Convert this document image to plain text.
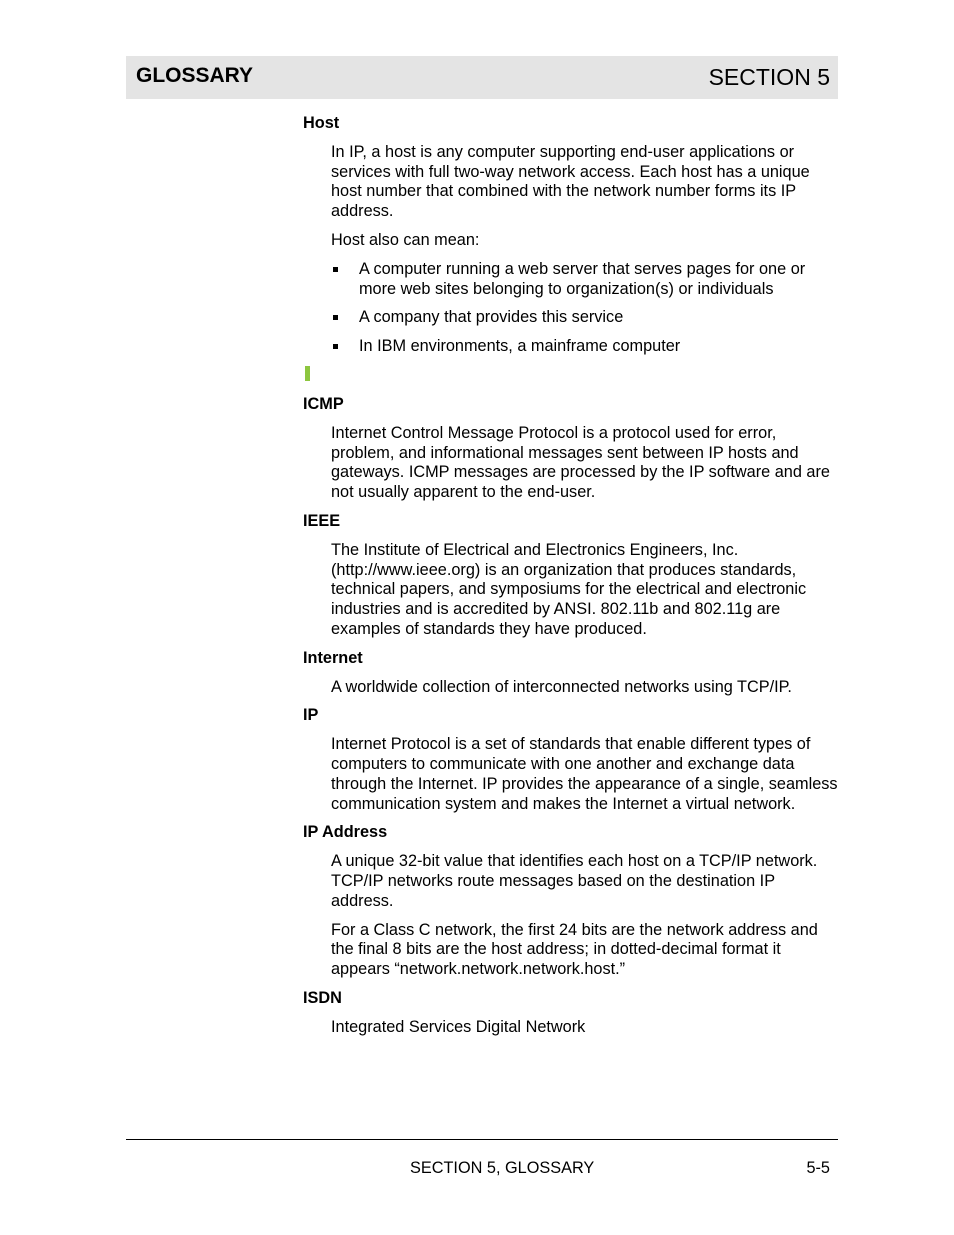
GLOSSARY	SECTION 5

Host

In IP, a host is any computer supporting end-user applications or services with full two-way network access. Each host has a unique host number that combined with the network number forms its IP address.

Host also can mean:

A computer running a web server that serves pages for one or more web sites belonging to organization(s) or individuals
A company that provides this service
In IBM environments, a mainframe computer

ICMP

Internet Control Message Protocol is a protocol used for error, problem, and informational messages sent between IP hosts and gateways. ICMP messages are processed by the IP software and are not usually apparent to the end-user.

IEEE

The Institute of Electrical and Electronics Engineers, Inc. (http://www.ieee.org) is an organization that produces standards, technical papers, and symposiums for the electrical and electronic industries and is accredited by ANSI. 802.11b and 802.11g are examples of standards they have produced.

Internet

A worldwide collection of interconnected networks using TCP/IP.

IP

Internet Protocol is a set of standards that enable different types of computers to communicate with one another and exchange data through the Internet. IP provides the appearance of a single, seamless communication system and makes the Internet a virtual network.

IP Address

A unique 32-bit value that identifies each host on a TCP/IP network. TCP/IP networks route messages based on the destination IP address.

For a Class C network, the first 24 bits are the network address and the final 8 bits are the host address; in dotted-decimal format it appears “network.network.network.host.”

ISDN

Integrated Services Digital Network

SECTION 5, GLOSSARY	5-5
